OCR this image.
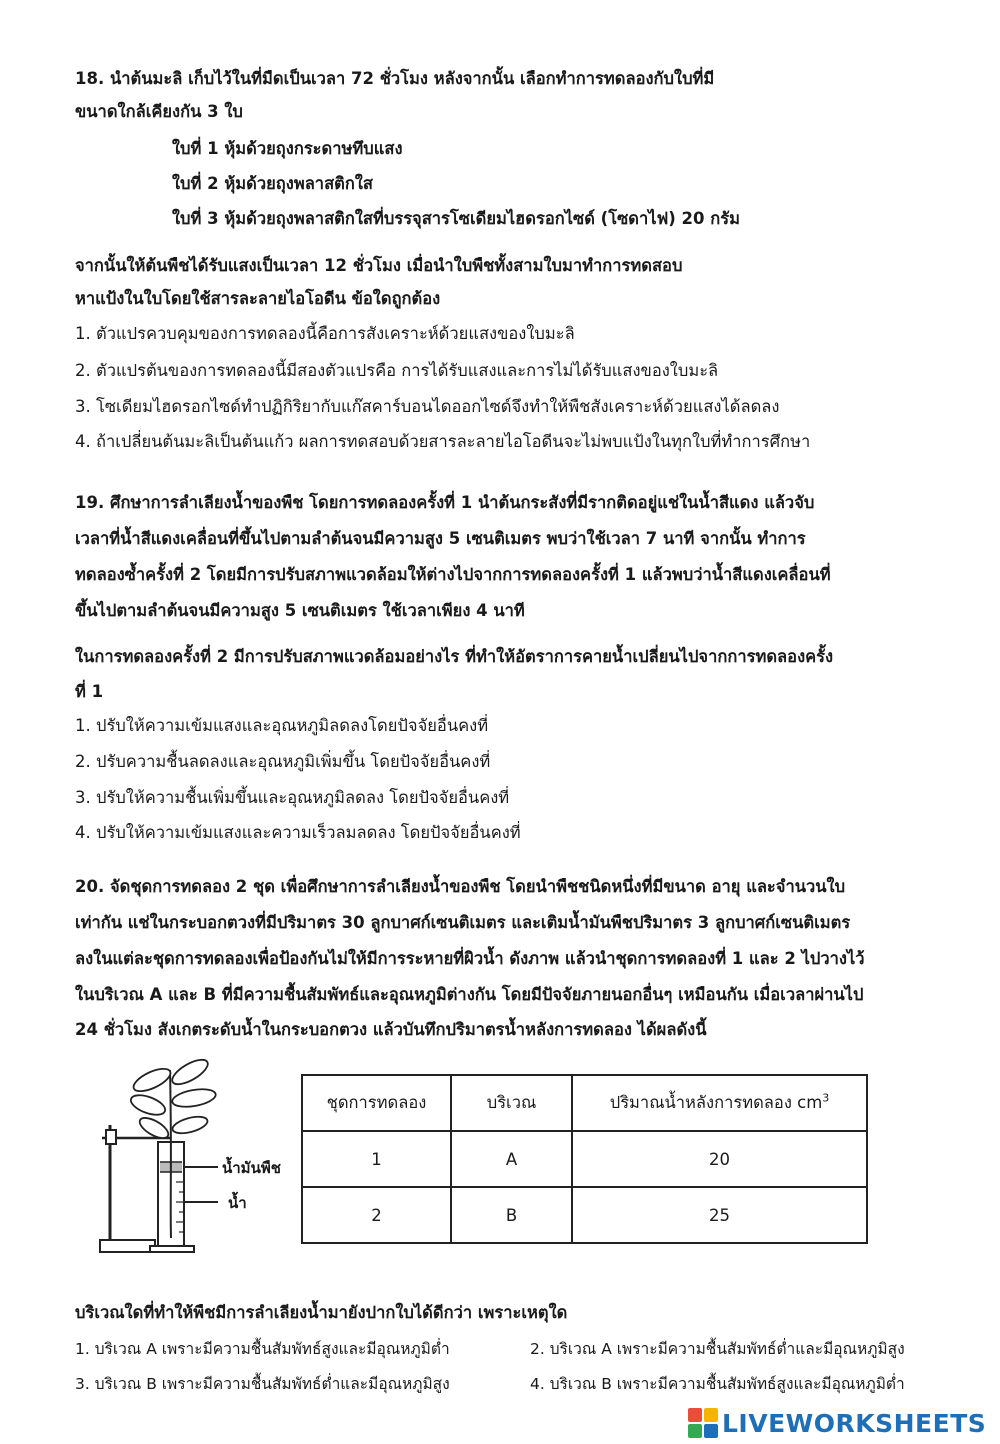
18. นำต้นมะลิ เก็บไว้ในที่มืดเป็นเวลา 72 ชั่วโมง หลังจากนั้น เลือกทำการทดลองกับใบที่มี
ขนาดใกล้เคียงกัน 3 ใบ
ใบที่ 1 หุ้มด้วยถุงกระดาษทึบแสง
ใบที่ 2 หุ้มด้วยถุงพลาสติกใส
ใบที่ 3 หุ้มด้วยถุงพลาสติกใสที่บรรจุสารโซเดียมไฮดรอกไซด์ (โซดาไฟ) 20 กรัม
จากนั้นให้ต้นพืชได้รับแสงเป็นเวลา 12 ชั่วโมง เมื่อนำใบพืชทั้งสามใบมาทำการทดสอบ
หาแป้งในใบโดยใช้สารละลายไอโอดีน ข้อใดถูกต้อง
1. ตัวแปรควบคุมของการทดลองนี้คือการสังเคราะห์ด้วยแสงของใบมะลิ
2. ตัวแปรต้นของการทดลองนี้มีสองตัวแปรคือ การได้รับแสงและการไม่ได้รับแสงของใบมะลิ
3. โซเดียมไฮดรอกไซด์ทำปฏิกิริยากับแก๊สคาร์บอนไดออกไซด์จึงทำให้พืชสังเคราะห์ด้วยแสงได้ลดลง
4. ถ้าเปลี่ยนต้นมะลิเป็นต้นแก้ว ผลการทดสอบด้วยสารละลายไอโอดีนจะไม่พบแป้งในทุกใบที่ทำการศึกษา
19. ศึกษาการลำเลียงน้ำของพืช โดยการทดลองครั้งที่ 1 นำต้นกระสังที่มีรากติดอยู่แช่ในน้ำสีแดง แล้วจับ
เวลาที่น้ำสีแดงเคลื่อนที่ขึ้นไปตามลำต้นจนมีความสูง 5 เซนติเมตร พบว่าใช้เวลา 7 นาที จากนั้น ทำการ
ทดลองซ้ำครั้งที่ 2 โดยมีการปรับสภาพแวดล้อมให้ต่างไปจากการทดลองครั้งที่ 1 แล้วพบว่าน้ำสีแดงเคลื่อนที่
ขึ้นไปตามลำต้นจนมีความสูง 5 เซนติเมตร ใช้เวลาเพียง 4 นาที
ในการทดลองครั้งที่ 2 มีการปรับสภาพแวดล้อมอย่างไร ที่ทำให้อัตราการคายน้ำเปลี่ยนไปจากการทดลองครั้ง
ที่ 1
1. ปรับให้ความเข้มแสงและอุณหภูมิลดลงโดยปัจจัยอื่นคงที่
2. ปรับความชื้นลดลงและอุณหภูมิเพิ่มขึ้น โดยปัจจัยอื่นคงที่
3. ปรับให้ความชื้นเพิ่มขึ้นและอุณหภูมิลดลง โดยปัจจัยอื่นคงที่
4. ปรับให้ความเข้มแสงและความเร็วลมลดลง โดยปัจจัยอื่นคงที่
20. จัดชุดการทดลอง 2 ชุด เพื่อศึกษาการลำเลียงน้ำของพืช โดยนำพืชชนิดหนึ่งที่มีขนาด อายุ และจำนวนใบ
เท่ากัน แช่ในกระบอกตวงที่มีปริมาตร 30 ลูกบาศก์เซนติเมตร และเติมน้ำมันพืชปริมาตร 3 ลูกบาศก์เซนติเมตร
ลงในแต่ละชุดการทดลองเพื่อป้องกันไม่ให้มีการระหายที่ผิวน้ำ ดังภาพ แล้วนำชุดการทดลองที่ 1 และ 2 ไปวางไว้
ในบริเวณ A และ B ที่มีความชื้นสัมพัทธ์และอุณหภูมิต่างกัน โดยมีปัจจัยภายนอกอื่นๆ เหมือนกัน เมื่อเวลาผ่านไป
24 ชั่วโมง สังเกตระดับน้ำในกระบอกตวง แล้วบันทึกปริมาตรน้ำหลังการทดลอง ได้ผลดังนี้
น้ำมันพืช
น้ำ
ชุดการทดลอง	บริเวณ	ปริมาณน้ำหลังการทดลอง $cm^3$
1	A	20
2	B	25
บริเวณใดที่ทำให้พืชมีการลำเลียงน้ำมายังปากใบได้ดีกว่า เพราะเหตุใด
1. บริเวณ A เพราะมีความชื้นสัมพัทธ์สูงและมีอุณหภูมิต่ำ	2. บริเวณ A เพราะมีความชื้นสัมพัทธ์ต่ำและมีอุณหภูมิสูง
3. บริเวณ B เพราะมีความชื้นสัมพัทธ์ต่ำและมีอุณหภูมิสูง	4. บริเวณ B เพราะมีความชื้นสัมพัทธ์สูงและมีอุณหภูมิต่ำ
LIVEWORKSHEETS
